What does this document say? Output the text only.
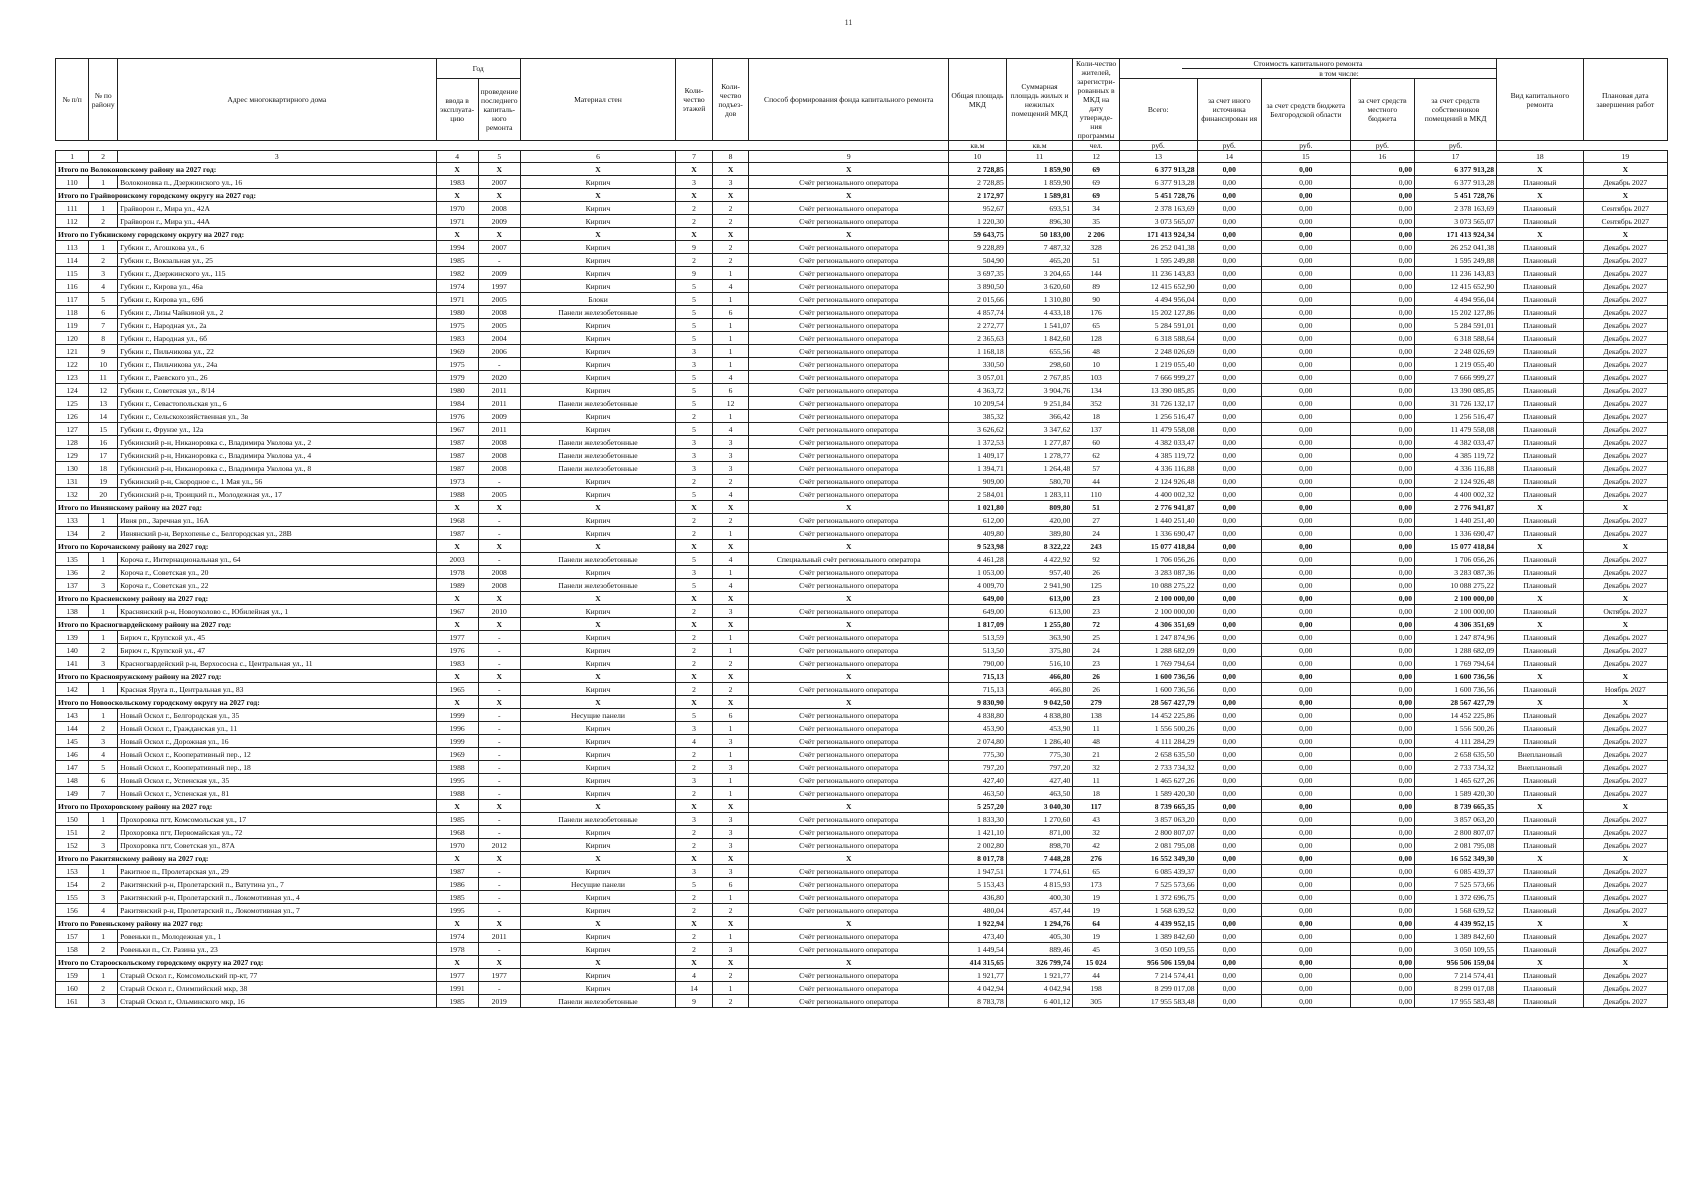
11
№ п/п	№ по району	Адрес многоквартирного дома	Год		Материал стен	Коли-чество этажей	Коли-чество подъез-дов	Способ формирования фонда капитального ремонта	Общая площадь МКД	Суммарная площадь жилых и нежилых помещений МКД	Коли-чество жителей, зарегистри-рованных в МКД на дату утвержде-ния программы	Стоимость капитального ремонта
в том числе:					Вид капитального ремонта	Плановая дата завершения работ
			ввода в эксплуата-цию	проведение последнего капиталь-ного ремонта								Всего:	за счет иного источника финансирован ия	за счет средств бюджета Белгородской области	за счет средств местного бюджета	за счет средств собственников помещений в МКД		
									кв.м	кв.м	чел.	руб.	руб.	руб.	руб.	руб.		
1	2	3	4	5	6	7	8	9	10	11	12	13	14	15	16	17	18	19
Итого по Волоконовскому району на 2027 год:			X	X	X	X	X	X	2 728,85	1 859,90	69	6 377 913,28	0,00	0,00	0,00	6 377 913,28	X	X
110	1	Волоконовка п., Дзержинского ул., 16	1983	2007	Кирпич	3	3	Счёт регионального оператора	2 728,85	1 859,90	69	6 377 913,28	0,00	0,00	0,00	6 377 913,28	Плановый	Декабрь 2027
Итого по Грайворонскому городскому округу на 2027 год:			X	X	X	X	X	X	2 172,97	1 589,81	69	5 451 728,76	0,00	0,00	0,00	5 451 728,76	X	X
111	1	Грайворон г., Мира ул., 42А	1970	2008	Кирпич	2	2	Счёт регионального оператора	952,67	693,51	34	2 378 163,69	0,00	0,00	0,00	2 378 163,69	Плановый	Сентябрь 2027
112	2	Грайворон г., Мира ул., 44А	1971	2009	Кирпич	2	2	Счёт регионального оператора	1 220,30	896,30	35	3 073 565,07	0,00	0,00	0,00	3 073 565,07	Плановый	Сентябрь 2027
Итого по Губкинскому городскому округу на 2027 год:			X	X	X	X	X	X	59 643,75	50 183,00	2 206	171 413 924,34	0,00	0,00	0,00	171 413 924,34	X	X
113	1	Губкин г., Агошкова ул., 6	1994	2007	Кирпич	9	2	Счёт регионального оператора	9 228,89	7 487,32	328	26 252 041,38	0,00	0,00	0,00	26 252 041,38	Плановый	Декабрь 2027
114	2	Губкин г., Вокзальная ул., 25	1985	-	Кирпич	2	2	Счёт регионального оператора	504,90	465,20	51	1 595 249,88	0,00	0,00	0,00	1 595 249,88	Плановый	Декабрь 2027
115	3	Губкин г., Дзержинского ул., 115	1982	2009	Кирпич	9	1	Счёт регионального оператора	3 697,35	3 204,65	144	11 236 143,83	0,00	0,00	0,00	11 236 143,83	Плановый	Декабрь 2027
116	4	Губкин г., Кирова ул., 46а	1974	1997	Кирпич	5	4	Счёт регионального оператора	3 890,50	3 620,60	89	12 415 652,90	0,00	0,00	0,00	12 415 652,90	Плановый	Декабрь 2027
117	5	Губкин г., Кирова ул., 69б	1971	2005	Блоки	5	1	Счёт регионального оператора	2 015,66	1 310,80	90	4 494 956,04	0,00	0,00	0,00	4 494 956,04	Плановый	Декабрь 2027
118	6	Губкин г., Лизы Чайкиной ул., 2	1980	2008	Панели железобетонные	5	6	Счёт регионального оператора	4 857,74	4 433,18	176	15 202 127,86	0,00	0,00	0,00	15 202 127,86	Плановый	Декабрь 2027
119	7	Губкин г., Народная ул., 2а	1975	2005	Кирпич	5	1	Счёт регионального оператора	2 272,77	1 541,07	65	5 284 591,01	0,00	0,00	0,00	5 284 591,01	Плановый	Декабрь 2027
120	8	Губкин г., Народная ул., 6б	1983	2004	Кирпич	5	1	Счёт регионального оператора	2 365,63	1 842,60	128	6 318 588,64	0,00	0,00	0,00	6 318 588,64	Плановый	Декабрь 2027
121	9	Губкин г., Пильчикова ул., 22	1969	2006	Кирпич	3	1	Счёт регионального оператора	1 168,18	655,56	48	2 248 026,69	0,00	0,00	0,00	2 248 026,69	Плановый	Декабрь 2027
122	10	Губкин г., Пильчикова ул., 24а	1975	-	Кирпич	3	1	Счёт регионального оператора	330,50	298,60	10	1 219 055,40	0,00	0,00	0,00	1 219 055,40	Плановый	Декабрь 2027
123	11	Губкин г., Раевского ул., 26	1979	2020	Кирпич	5	4	Счёт регионального оператора	3 057,01	2 767,85	103	7 666 999,27	0,00	0,00	0,00	7 666 999,27	Плановый	Декабрь 2027
124	12	Губкин г., Советская ул., 8/14	1980	2011	Кирпич	5	6	Счёт регионального оператора	4 363,72	3 904,76	134	13 390 085,85	0,00	0,00	0,00	13 390 085,85	Плановый	Декабрь 2027
125	13	Губкин г., Севастопольская ул., 6	1984	2011	Панели железобетонные	5	12	Счёт регионального оператора	10 209,54	9 251,84	352	31 726 132,17	0,00	0,00	0,00	31 726 132,17	Плановый	Декабрь 2027
126	14	Губкин г., Сельскохозяйственная ул., 3в	1976	2009	Кирпич	2	1	Счёт регионального оператора	385,32	366,42	18	1 256 516,47	0,00	0,00	0,00	1 256 516,47	Плановый	Декабрь 2027
127	15	Губкин г., Фрунзе ул., 12а	1967	2011	Кирпич	5	4	Счёт регионального оператора	3 626,62	3 347,62	137	11 479 558,08	0,00	0,00	0,00	11 479 558,08	Плановый	Декабрь 2027
128	16	Губкинский р-н, Никаноровка с., Владимира Уколова ул., 2	1987	2008	Панели железобетонные	3	3	Счёт регионального оператора	1 372,53	1 277,87	60	4 382 033,47	0,00	0,00	0,00	4 382 033,47	Плановый	Декабрь 2027
129	17	Губкинский р-н, Никаноровка с., Владимира Уколова ул., 4	1987	2008	Панели железобетонные	3	3	Счёт регионального оператора	1 409,17	1 278,77	62	4 385 119,72	0,00	0,00	0,00	4 385 119,72	Плановый	Декабрь 2027
130	18	Губкинский р-н, Никаноровка с., Владимира Уколова ул., 8	1987	2008	Панели железобетонные	3	3	Счёт регионального оператора	1 394,71	1 264,48	57	4 336 116,88	0,00	0,00	0,00	4 336 116,88	Плановый	Декабрь 2027
131	19	Губкинский р-н, Скородное с., 1 Мая ул., 56	1973	-	Кирпич	2	2	Счёт регионального оператора	909,00	580,70	44	2 124 926,48	0,00	0,00	0,00	2 124 926,48	Плановый	Декабрь 2027
132	20	Губкинский р-н, Троицкий п., Молодежная ул., 17	1988	2005	Кирпич	5	4	Счёт регионального оператора	2 584,01	1 283,11	110	4 400 002,32	0,00	0,00	0,00	4 400 002,32	Плановый	Декабрь 2027
Итого по Ивнянскому району на 2027 год:			X	X	X	X	X	X	1 021,80	809,80	51	2 776 941,87	0,00	0,00	0,00	2 776 941,87	X	X
133	1	Ивня рп., Заречная ул., 16А	1968	-	Кирпич	2	2	Счёт регионального оператора	612,00	420,00	27	1 440 251,40	0,00	0,00	0,00	1 440 251,40	Плановый	Декабрь 2027
134	2	Ивнянский р-н, Верхопенье с., Белгородская ул., 28В	1987	-	Кирпич	2	1	Счёт регионального оператора	409,80	389,80	24	1 336 690,47	0,00	0,00	0,00	1 336 690,47	Плановый	Декабрь 2027
Итого по Корочанскому району на 2027 год:			X	X	X	X	X	X	9 523,98	8 322,22	243	15 077 418,84	0,00	0,00	0,00	15 077 418,84	X	X
135	1	Короча г., Интернациональная ул., 64	2003	-	Панели железобетонные	5	4	Специальный счёт регионального оператора	4 461,28	4 422,92	92	1 706 056,26	0,00	0,00	0,00	1 706 056,26	Плановый	Декабрь 2027
136	2	Короча г., Советская ул., 20	1978	2008	Кирпич	3	1	Счёт регионального оператора	1 053,00	957,40	26	3 283 087,36	0,00	0,00	0,00	3 283 087,36	Плановый	Декабрь 2027
137	3	Короча г., Советская ул., 22	1989	2008	Панели железобетонные	5	4	Счёт регионального оператора	4 009,70	2 941,90	125	10 088 275,22	0,00	0,00	0,00	10 088 275,22	Плановый	Декабрь 2027
Итого по Красненскому району на 2027 год:			X	X	X	X	X	X	649,00	613,00	23	2 100 000,00	0,00	0,00	0,00	2 100 000,00	X	X
138	1	Краснянский р-н, Новоуколово с., Юбилейная ул., 1	1967	2010	Кирпич	2	3	Счёт регионального оператора	649,00	613,00	23	2 100 000,00	0,00	0,00	0,00	2 100 000,00	Плановый	Октябрь 2027
Итого по Красногвардейскому району на 2027 год:			X	X	X	X	X	X	1 817,09	1 255,80	72	4 306 351,69	0,00	0,00	0,00	4 306 351,69	X	X
139	1	Бирюч г., Крупской ул., 45	1977	-	Кирпич	2	1	Счёт регионального оператора	513,59	363,90	25	1 247 874,96	0,00	0,00	0,00	1 247 874,96	Плановый	Декабрь 2027
140	2	Бирюч г., Крупской ул., 47	1976	-	Кирпич	2	1	Счёт регионального оператора	513,50	375,80	24	1 288 682,09	0,00	0,00	0,00	1 288 682,09	Плановый	Декабрь 2027
141	3	Красногвардейский р-н, Верхососна с., Центральная ул., 11	1983	-	Кирпич	2	2	Счёт регионального оператора	790,00	516,10	23	1 769 794,64	0,00	0,00	0,00	1 769 794,64	Плановый	Декабрь 2027
Итого по Краснояружскому району на 2027 год:			X	X	X	X	X	X	715,13	466,80	26	1 600 736,56	0,00	0,00	0,00	1 600 736,56	X	X
142	1	Красная Яруга п., Центральная ул., 83	1965	-	Кирпич	2	2	Счёт регионального оператора	715,13	466,80	26	1 600 736,56	0,00	0,00	0,00	1 600 736,56	Плановый	Ноябрь 2027
Итого по Новооскольскому городскому округу на 2027 год:			X	X	X	X	X	X	9 830,90	9 042,50	279	28 567 427,79	0,00	0,00	0,00	28 567 427,79	X	X
143	1	Новый Оскол г., Белгородская ул., 35	1999	-	Несущие панели	5	6	Счёт регионального оператора	4 838,80	4 838,80	138	14 452 225,86	0,00	0,00	0,00	14 452 225,86	Плановый	Декабрь 2027
144	2	Новый Оскол г., Гражданская ул., 11	1996	-	Кирпич	3	1	Счёт регионального оператора	453,90	453,90	11	1 556 500,26	0,00	0,00	0,00	1 556 500,26	Плановый	Декабрь 2027
145	3	Новый Оскол г., Дорожная ул., 16	1999	-	Кирпич	4	3	Счёт регионального оператора	2 074,80	1 286,40	48	4 111 284,29	0,00	0,00	0,00	4 111 284,29	Плановый	Декабрь 2027
146	4	Новый Оскол г., Кооперативный пер., 12	1969	-	Кирпич	2	1	Счёт регионального оператора	775,30	775,30	21	2 658 635,50	0,00	0,00	0,00	2 658 635,50	Внеплановый	Декабрь 2027
147	5	Новый Оскол г., Кооперативный пер., 18	1988	-	Кирпич	2	3	Счёт регионального оператора	797,20	797,20	32	2 733 734,32	0,00	0,00	0,00	2 733 734,32	Внеплановый	Декабрь 2027
148	6	Новый Оскол г., Успенская ул., 35	1995	-	Кирпич	3	1	Счёт регионального оператора	427,40	427,40	11	1 465 627,26	0,00	0,00	0,00	1 465 627,26	Плановый	Декабрь 2027
149	7	Новый Оскол г., Успенская ул., 81	1988	-	Кирпич	2	1	Счёт регионального оператора	463,50	463,50	18	1 589 420,30	0,00	0,00	0,00	1 589 420,30	Плановый	Декабрь 2027
Итого по Прохоровскому району на 2027 год:			X	X	X	X	X	X	5 257,20	3 040,30	117	8 739 665,35	0,00	0,00	0,00	8 739 665,35	X	X
150	1	Прохоровка пгт, Комсомольская ул., 17	1985	-	Панели железобетонные	3	3	Счёт регионального оператора	1 833,30	1 270,60	43	3 857 063,20	0,00	0,00	0,00	3 857 063,20	Плановый	Декабрь 2027
151	2	Прохоровка пгт, Первомайская ул., 72	1968	-	Кирпич	2	3	Счёт регионального оператора	1 421,10	871,00	32	2 800 807,07	0,00	0,00	0,00	2 800 807,07	Плановый	Декабрь 2027
152	3	Прохоровка пгт, Советская ул., 87А	1970	2012	Кирпич	2	3	Счёт регионального оператора	2 002,80	898,70	42	2 081 795,08	0,00	0,00	0,00	2 081 795,08	Плановый	Декабрь 2027
Итого по Ракитянскому району на 2027 год:			X	X	X	X	X	X	8 017,78	7 448,28	276	16 552 349,30	0,00	0,00	0,00	16 552 349,30	X	X
153	1	Ракитное п., Пролетарская ул., 29	1987	-	Кирпич	3	3	Счёт регионального оператора	1 947,51	1 774,61	65	6 085 439,37	0,00	0,00	0,00	6 085 439,37	Плановый	Декабрь 2027
154	2	Ракитянский р-н, Пролетарский п., Ватутина ул., 7	1986	-	Несущие панели	5	6	Счёт регионального оператора	5 153,43	4 815,93	173	7 525 573,66	0,00	0,00	0,00	7 525 573,66	Плановый	Декабрь 2027
155	3	Ракитянский р-н, Пролетарский п., Локомотивная ул., 4	1985	-	Кирпич	2	1	Счёт регионального оператора	436,80	400,30	19	1 372 696,75	0,00	0,00	0,00	1 372 696,75	Плановый	Декабрь 2027
156	4	Ракитянский р-н, Пролетарский п., Локомотивная ул., 7	1995	-	Кирпич	2	2	Счёт регионального оператора	480,04	457,44	19	1 568 639,52	0,00	0,00	0,00	1 568 639,52	Плановый	Декабрь 2027
Итого по Ровеньскому району на 2027 год:			X	X	X	X	X	X	1 922,94	1 294,76	64	4 439 952,15	0,00	0,00	0,00	4 439 952,15	X	X
157	1	Ровеньки п., Молодежная ул., 1	1974	2011	Кирпич	2	1	Счёт регионального оператора	473,40	405,30	19	1 389 842,60	0,00	0,00	0,00	1 389 842,60	Плановый	Декабрь 2027
158	2	Ровеньки п., Ст. Разина ул., 23	1978	-	Кирпич	2	3	Счёт регионального оператора	1 449,54	889,46	45	3 050 109,55	0,00	0,00	0,00	3 050 109,55	Плановый	Декабрь 2027
Итого по Старооскольскому городскому округу на 2027 год:			X	X	X	X	X	X	414 315,65	326 799,74	15 024	956 506 159,04	0,00	0,00	0,00	956 506 159,04	X	X
159	1	Старый Оскол г., Комсомольский пр-кт, 77	1977	1977	Кирпич	4	2	Счёт регионального оператора	1 921,77	1 921,77	44	7 214 574,41	0,00	0,00	0,00	7 214 574,41	Плановый	Декабрь 2027
160	2	Старый Оскол г., Олимпийский мкр, 38	1991	-	Кирпич	14	1	Счёт регионального оператора	4 042,94	4 042,94	198	8 299 017,08	0,00	0,00	0,00	8 299 017,08	Плановый	Декабрь 2027
161	3	Старый Оскол г., Ольминского мкр, 16	1985	2019	Панели железобетонные	9	2	Счёт регионального оператора	8 783,78	6 401,12	305	17 955 583,48	0,00	0,00	0,00	17 955 583,48	Плановый	Декабрь 2027
